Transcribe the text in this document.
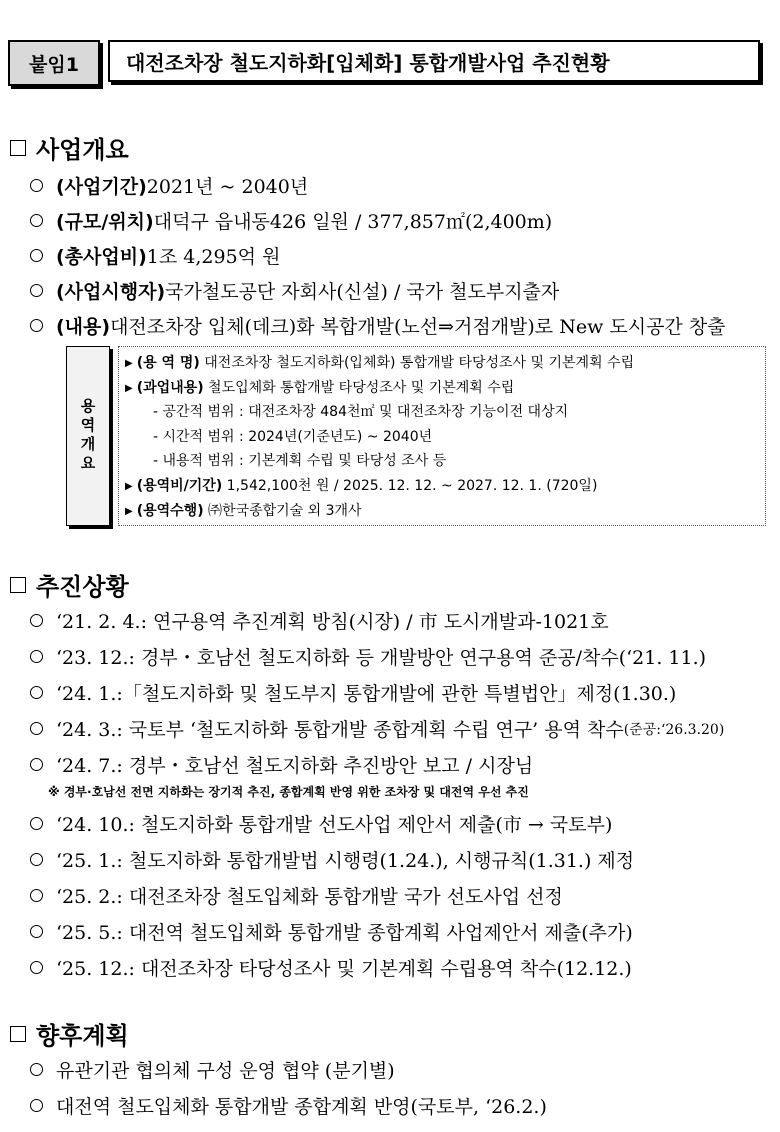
붙임1	대전조차장 철도지하화[입체화] 통합개발사업 추진현황
사업개요
(사업기간) 2021년 ~ 2040년
(규모/위치) 대덕구 읍내동426 일원 / 377,857㎡(2,400m)
(총사업비) 1조 4,295억 원
(사업시행자) 국가철도공단 자회사(신설) / 국가 철도부지출자
(내용) 대전조차장 입체(데크)화 복합개발(노선⇒거점개발)로 New 도시공간 창출
용역개요
▶ (용 역 명) 대전조차장 철도지하화(입체화) 통합개발 타당성조사 및 기본계획 수립
▶ (과업내용) 철도입체화 통합개발 타당성조사 및 기본계획 수립
- 공간적 범위 : 대전조차장 484천㎡ 및 대전조차장 기능이전 대상지
- 시간적 범위 : 2024년(기준년도) ~ 2040년
- 내용적 범위 : 기본계획 수립 및 타당성 조사 등
▶ (용역비/기간) 1,542,100천 원 / 2025. 12. 12. ~ 2027. 12. 1. (720일)
▶ (용역수행) ㈜한국종합기술 외 3개사
추진상황
‘21. 2. 4.: 연구용역 추진계획 방침(시장) / 市 도시개발과-1021호
‘23. 12.: 경부・호남선 철도지하화 등 개발방안 연구용역 준공/착수(‘21. 11.)
‘24. 1.:「철도지하화 및 철도부지 통합개발에 관한 특별법안」제정(1.30.)
‘24. 3.: 국토부 ‘철도지하화 통합개발 종합계획 수립 연구’ 용역 착수 (준공:‘26.3.20)
‘24. 7.: 경부・호남선 철도지하화 추진방안 보고 / 시장님
※ 경부·호남선 전면 지하화는 장기적 추진, 종합계획 반영 위한 조차장 및 대전역 우선 추진
‘24. 10.: 철도지하화 통합개발 선도사업 제안서 제출(市 → 국토부)
‘25. 1.: 철도지하화 통합개발법 시행령(1.24.), 시행규칙(1.31.) 제정
‘25. 2.: 대전조차장 철도입체화 통합개발 국가 선도사업 선정
‘25. 5.: 대전역 철도입체화 통합개발 종합계획 사업제안서 제출(추가)
‘25. 12.: 대전조차장 타당성조사 및 기본계획 수립용역 착수(12.12.)
향후계획
유관기관 협의체 구성 운영 협약 (분기별)
대전역 철도입체화 통합개발 종합계획 반영(국토부, ‘26.2.)
